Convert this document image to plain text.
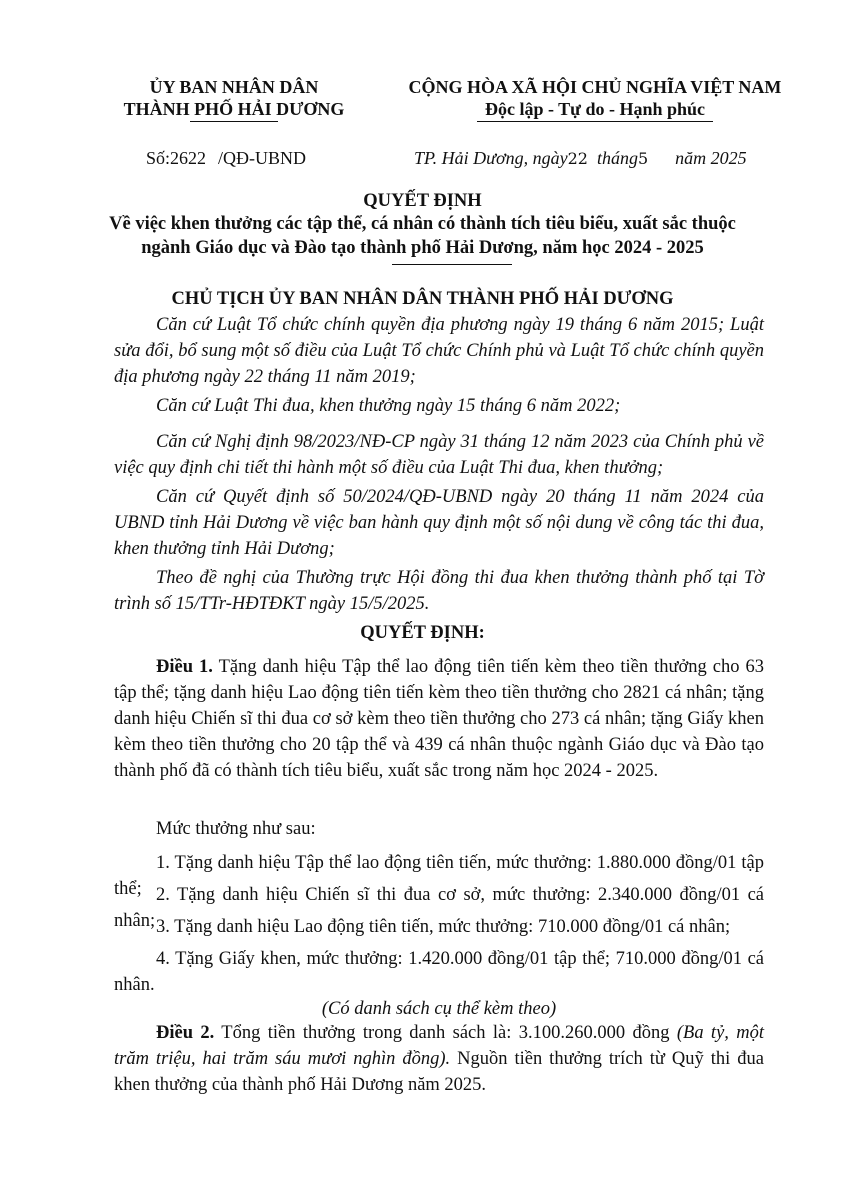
ỦY BAN NHÂN DÂN
THÀNH PHỐ HẢI DƯƠNG
CỘNG HÒA XÃ HỘI CHỦ NGHĨA VIỆT NAM
Độc lập - Tự do - Hạnh phúc
Số:2622 /QĐ-UBND	TP. Hải Dương, ngày22 tháng5 năm 2025
QUYẾT ĐỊNH
Về việc khen thưởng các tập thể, cá nhân có thành tích tiêu biểu, xuất sắc thuộc
ngành Giáo dục và Đào tạo thành phố Hải Dương, năm học 2024 - 2025
CHỦ TỊCH ỦY BAN NHÂN DÂN THÀNH PHỐ HẢI DƯƠNG
Căn cứ Luật Tổ chức chính quyền địa phương ngày 19 tháng 6 năm 2015; Luật sửa đổi, bổ sung một số điều của Luật Tổ chức Chính phủ và Luật Tổ chức chính quyền địa phương ngày 22 tháng 11 năm 2019;
Căn cứ Luật Thi đua, khen thưởng ngày 15 tháng 6 năm 2022;
Căn cứ Nghị định 98/2023/NĐ-CP ngày 31 tháng 12 năm 2023 của Chính phủ về việc quy định chi tiết thi hành một số điều của Luật Thi đua, khen thưởng;
Căn cứ Quyết định số 50/2024/QĐ-UBND ngày 20 tháng 11 năm 2024 của UBND tỉnh Hải Dương về việc ban hành quy định một số nội dung về công tác thi đua, khen thưởng tỉnh Hải Dương;
Theo đề nghị của Thường trực Hội đồng thi đua khen thưởng thành phố tại Tờ trình số 15/TTr-HĐTĐKT ngày 15/5/2025.
QUYẾT ĐỊNH:
Điều 1. Tặng danh hiệu Tập thể lao động tiên tiến kèm theo tiền thưởng cho 63 tập thể; tặng danh hiệu Lao động tiên tiến kèm theo tiền thưởng cho 2821 cá nhân; tặng danh hiệu Chiến sĩ thi đua cơ sở kèm theo tiền thưởng cho 273 cá nhân; tặng Giấy khen kèm theo tiền thưởng cho 20 tập thể và 439 cá nhân thuộc ngành Giáo dục và Đào tạo thành phố đã có thành tích tiêu biểu, xuất sắc trong năm học 2024 - 2025.
Mức thưởng như sau:
1. Tặng danh hiệu Tập thể lao động tiên tiến, mức thưởng: 1.880.000 đồng/01 tập thể; 2. Tặng danh hiệu Chiến sĩ thi đua cơ sở, mức thưởng: 2.340.000 đồng/01 cá nhân; 3. Tặng danh hiệu Lao động tiên tiến, mức thưởng: 710.000 đồng/01 cá nhân;
4. Tặng Giấy khen, mức thưởng: 1.420.000 đồng/01 tập thể; 710.000 đồng/01 cá nhân.
(Có danh sách cụ thể kèm theo)
Điều 2. Tổng tiền thưởng trong danh sách là: 3.100.260.000 đồng (Ba tỷ, một trăm triệu, hai trăm sáu mươi nghìn đồng). Nguồn tiền thưởng trích từ Quỹ thi đua khen thưởng của thành phố Hải Dương năm 2025.
